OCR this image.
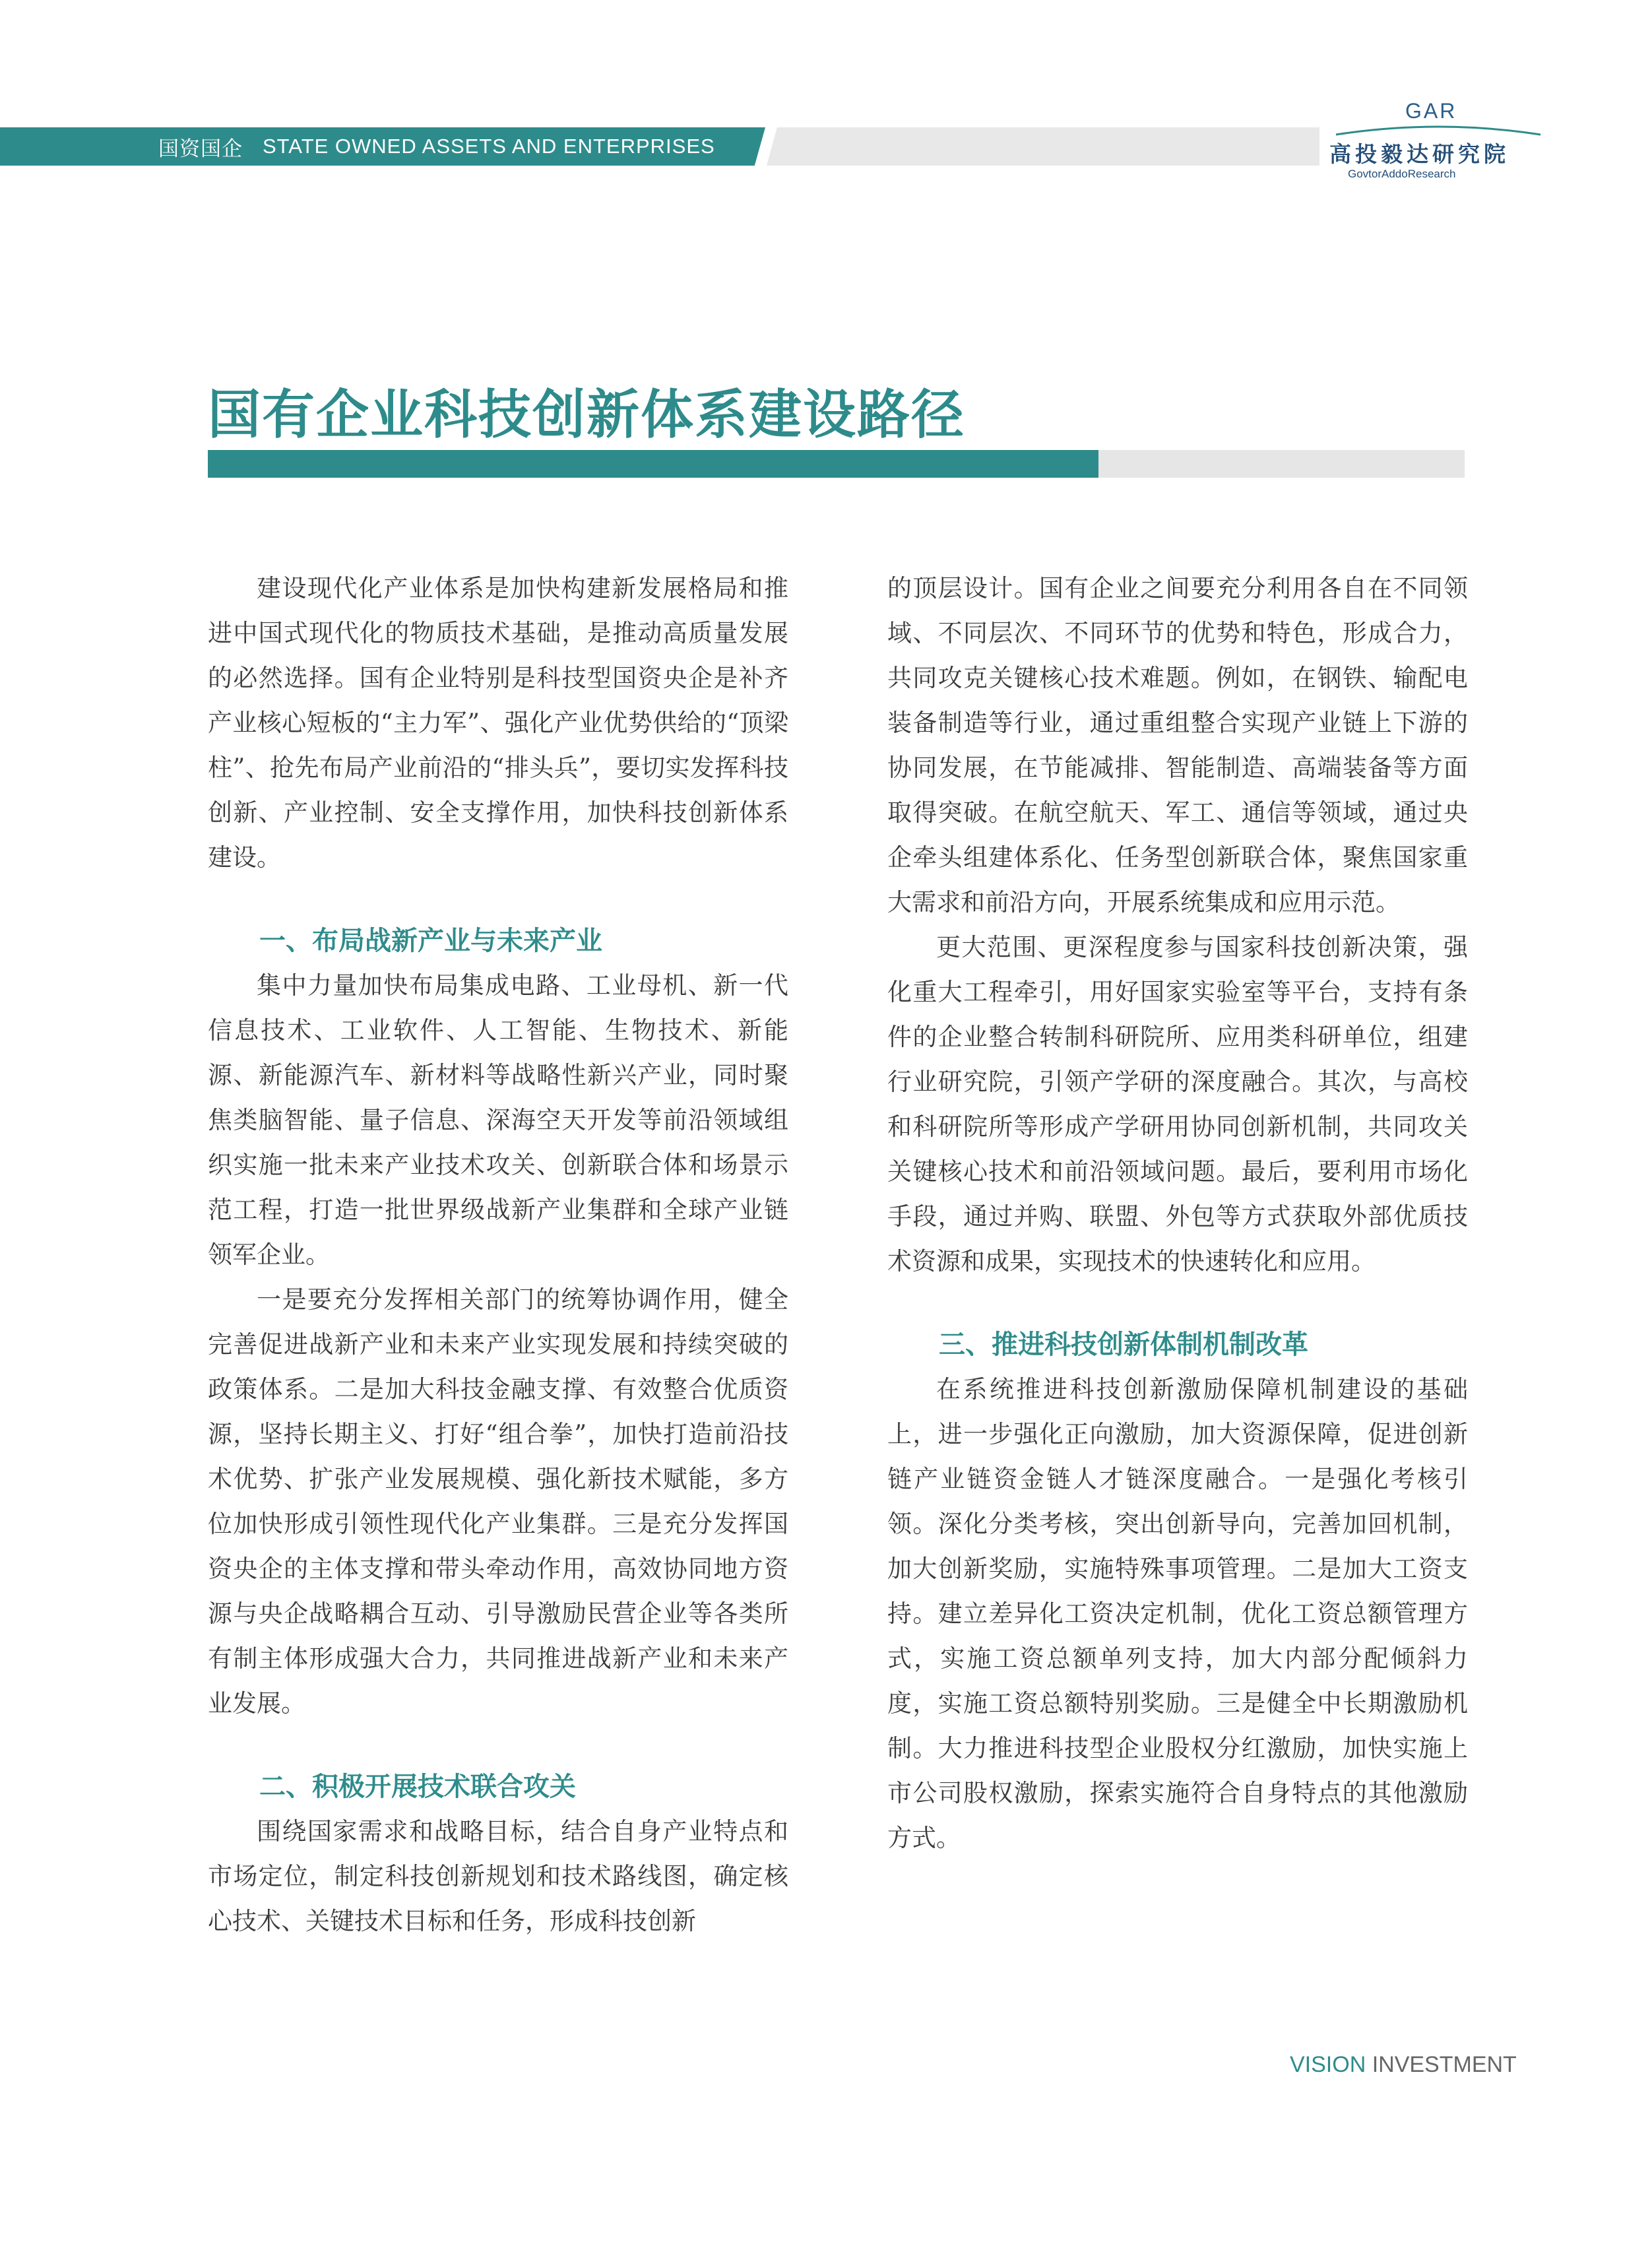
国资国企 STATE OWNED ASSETS AND ENTERPRISES
GAR
高投毅达研究院
GovtorAddoResearch
国有企业科技创新体系建设路径

建设现代化产业体系是加快构建新发展格局和推进中国式现代化的物质技术基础，是推动高质量发展的必然选择。国有企业特别是科技型国资央企是补齐产业核心短板的“主力军”、强化产业优势供给的“顶梁柱”、抢先布局产业前沿的“排头兵”，要切实发挥科技创新、产业控制、安全支撑作用，加快科技创新体系建设。

一、布局战新产业与未来产业

集中力量加快布局集成电路、工业母机、新一代信息技术、工业软件、人工智能、生物技术、新能源、新能源汽车、新材料等战略性新兴产业，同时聚焦类脑智能、量子信息、深海空天开发等前沿领域组织实施一批未来产业技术攻关、创新联合体和场景示范工程，打造一批世界级战新产业集群和全球产业链领军企业。

一是要充分发挥相关部门的统筹协调作用，健全完善促进战新产业和未来产业实现发展和持续突破的政策体系。二是加大科技金融支撑、有效整合优质资源，坚持长期主义、打好“组合拳”，加快打造前沿技术优势、扩张产业发展规模、强化新技术赋能，多方位加快形成引领性现代化产业集群。三是充分发挥国资央企的主体支撑和带头牵动作用，高效协同地方资源与央企战略耦合互动、引导激励民营企业等各类所有制主体形成强大合力，共同推进战新产业和未来产业发展。

二、积极开展技术联合攻关

围绕国家需求和战略目标，结合自身产业特点和市场定位，制定科技创新规划和技术路线图，确定核心技术、关键技术目标和任务，形成科技创新

的顶层设计。国有企业之间要充分利用各自在不同领域、不同层次、不同环节的优势和特色，形成合力，共同攻克关键核心技术难题。例如，在钢铁、输配电装备制造等行业，通过重组整合实现产业链上下游的协同发展，在节能减排、智能制造、高端装备等方面取得突破。在航空航天、军工、通信等领域，通过央企牵头组建体系化、任务型创新联合体，聚焦国家重大需求和前沿方向，开展系统集成和应用示范。

更大范围、更深程度参与国家科技创新决策，强化重大工程牵引，用好国家实验室等平台，支持有条件的企业整合转制科研院所、应用类科研单位，组建行业研究院，引领产学研的深度融合。其次，与高校和科研院所等形成产学研用协同创新机制，共同攻关关键核心技术和前沿领域问题。最后，要利用市场化手段，通过并购、联盟、外包等方式获取外部优质技术资源和成果，实现技术的快速转化和应用。

三、推进科技创新体制机制改革

在系统推进科技创新激励保障机制建设的基础上，进一步强化正向激励，加大资源保障，促进创新链产业链资金链人才链深度融合。一是强化考核引领。深化分类考核，突出创新导向，完善加回机制，加大创新奖励，实施特殊事项管理。二是加大工资支持。建立差异化工资决定机制，优化工资总额管理方式，实施工资总额单列支持，加大内部分配倾斜力度，实施工资总额特别奖励。三是健全中长期激励机制。大力推进科技型企业股权分红激励，加快实施上市公司股权激励，探索实施符合自身特点的其他激励方式。

VISION INVESTMENT
